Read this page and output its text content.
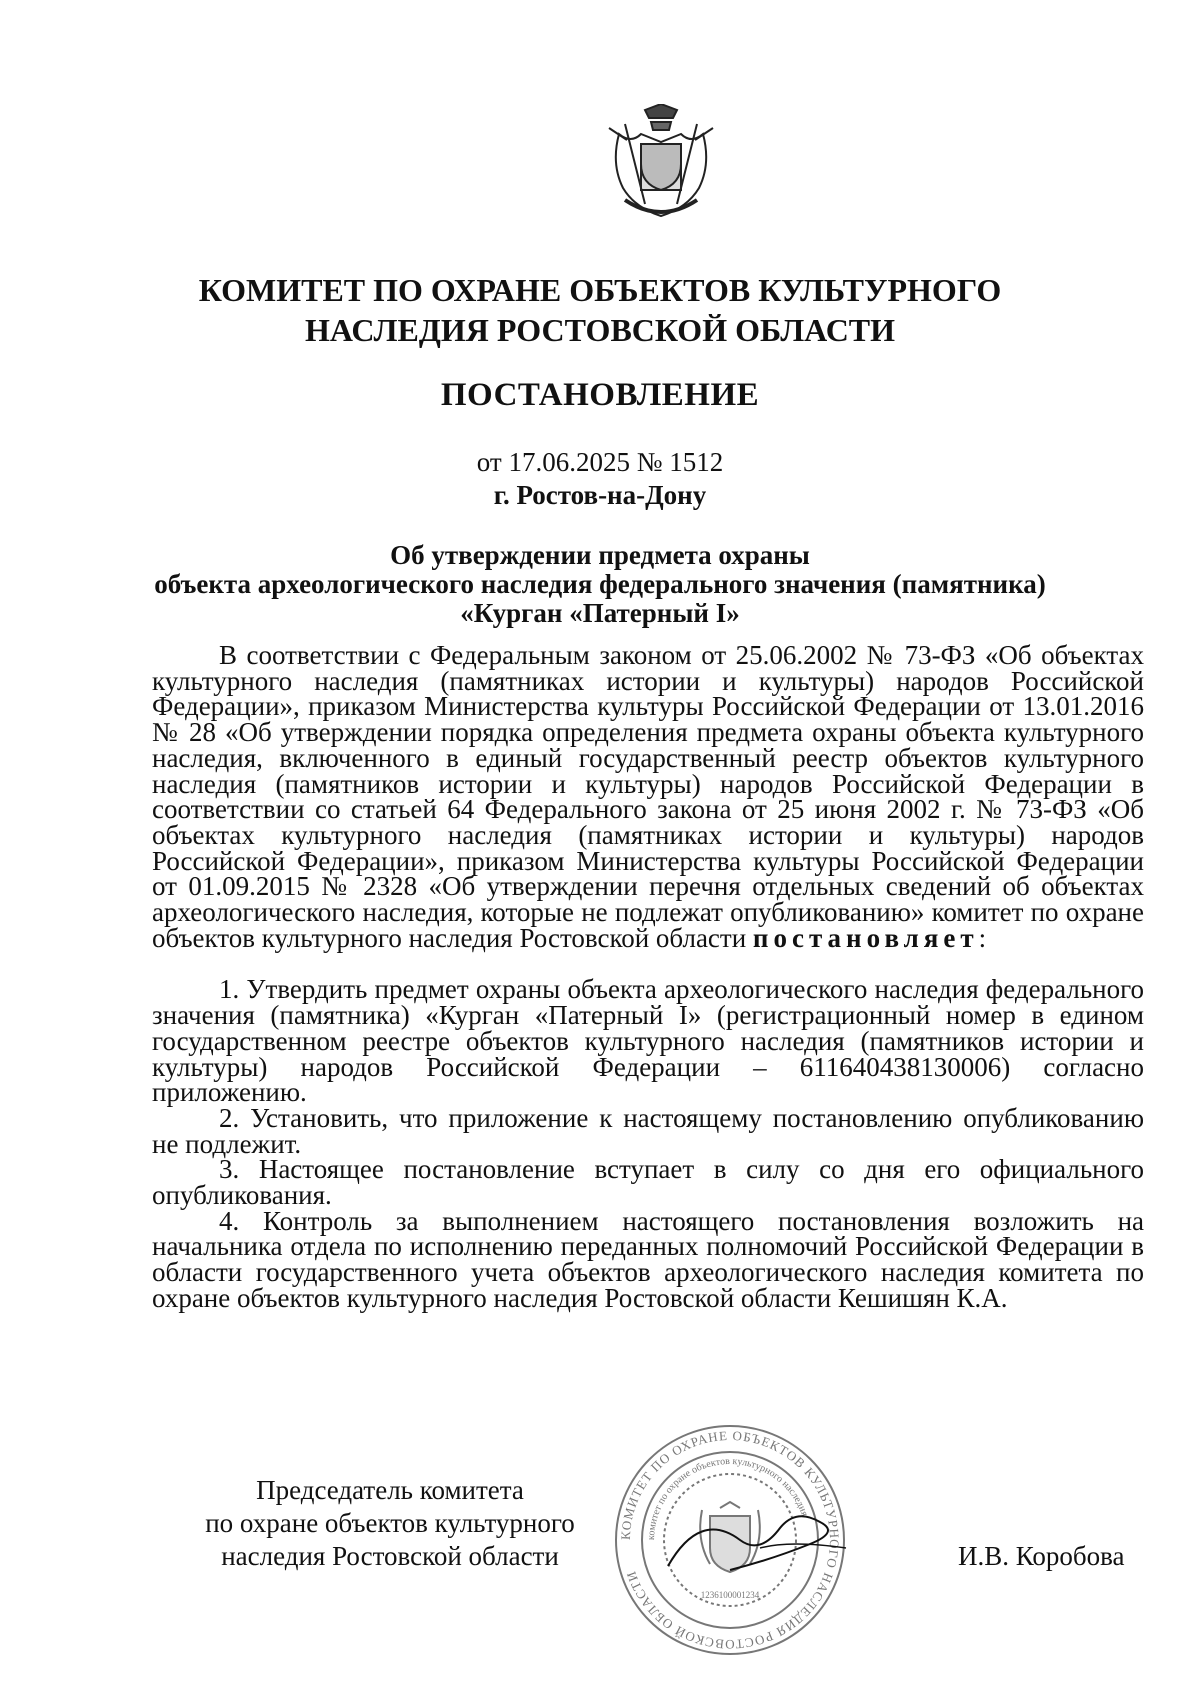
КОМИТЕТ ПО ОХРАНЕ ОБЪЕКТОВ КУЛЬТУРНОГО
НАСЛЕДИЯ РОСТОВСКОЙ ОБЛАСТИ
ПОСТАНОВЛЕНИЕ
от 17.06.2025 № 1512
г. Ростов-на-Дону
Об утверждении предмета охраны
объекта археологического наследия федерального значения (памятника)
«Курган «Патерный I»

В соответствии с Федеральным законом от 25.06.2002 № 73-ФЗ «Об объектах культурного наследия (памятниках истории и культуры) народов Российской Федерации», приказом Министерства культуры Российской Федерации от 13.01.2016 № 28 «Об утверждении порядка определения предмета охраны объекта культурного наследия, включенного в единый государственный реестр объектов культурного наследия (памятников истории и культуры) народов Российской Федерации в соответствии со статьей 64 Федерального закона от 25 июня 2002 г. № 73-ФЗ «Об объектах культурного наследия (памятниках истории и культуры) народов Российской Федерации», приказом Министерства культуры Российской Федерации от 01.09.2015 № 2328 «Об утверждении перечня отдельных сведений об объектах археологического наследия, которые не подлежат опубликованию» комитет по охране объектов культурного наследия Ростовской области постановляет:

1. Утвердить предмет охраны объекта археологического наследия федерального значения (памятника) «Курган «Патерный I» (регистрационный номер в едином государственном реестре объектов культурного наследия (памятников истории и культуры) народов Российской Федерации – 611640438130006) согласно приложению.

2. Установить, что приложение к настоящему постановлению опубликованию не подлежит.

3. Настоящее постановление вступает в силу со дня его официального опубликования.

4. Контроль за выполнением настоящего постановления возложить на начальника отдела по исполнению переданных полномочий Российской Федерации в области государственного учета объектов археологического наследия комитета по охране объектов культурного наследия Ростовской области Кешишян К.А.

Председатель комитета
по охране объектов культурного
наследия Ростовской области
КОМИТЕТ ПО ОХРАНЕ ОБЪЕКТОВ КУЛЬТУРНОГО НАСЛЕДИЯ РОСТОВСКОЙ ОБЛАСТИ
комитет по охране объектов культурного наследия
1236100001234
И.В. Коробова
